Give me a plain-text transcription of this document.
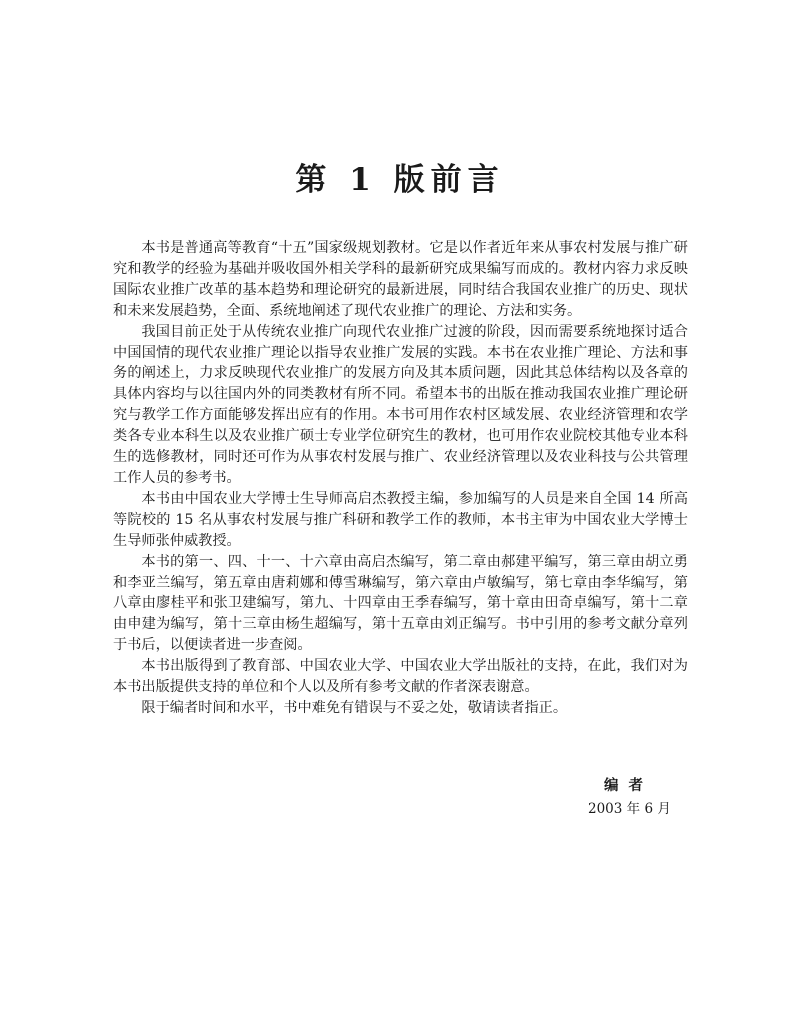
第 1 版前言

本书是普通高等教育“十五”国家级规划教材。它是以作者近年来从事农村发展与推广研究和教学的经验为基础并吸收国外相关学科的最新研究成果编写而成的。教材内容力求反映国际农业推广改革的基本趋势和理论研究的最新进展，同时结合我国农业推广的历史、现状和未来发展趋势，全面、系统地阐述了现代农业推广的理论、方法和实务。

我国目前正处于从传统农业推广向现代农业推广过渡的阶段，因而需要系统地探讨适合中国国情的现代农业推广理论以指导农业推广发展的实践。本书在农业推广理论、方法和事务的阐述上，力求反映现代农业推广的发展方向及其本质问题，因此其总体结构以及各章的具体内容均与以往国内外的同类教材有所不同。希望本书的出版在推动我国农业推广理论研究与教学工作方面能够发挥出应有的作用。本书可用作农村区域发展、农业经济管理和农学类各专业本科生以及农业推广硕士专业学位研究生的教材，也可用作农业院校其他专业本科生的选修教材，同时还可作为从事农村发展与推广、农业经济管理以及农业科技与公共管理工作人员的参考书。

本书由中国农业大学博士生导师高启杰教授主编，参加编写的人员是来自全国 14 所高等院校的 15 名从事农村发展与推广科研和教学工作的教师，本书主审为中国农业大学博士生导师张仲威教授。

本书的第一、四、十一、十六章由高启杰编写，第二章由郝建平编写，第三章由胡立勇和李亚兰编写，第五章由唐莉娜和傅雪琳编写，第六章由卢敏编写，第七章由李华编写，第八章由廖桂平和张卫建编写，第九、十四章由王季春编写，第十章由田奇卓编写，第十二章由申建为编写，第十三章由杨生超编写，第十五章由刘正编写。书中引用的参考文献分章列于书后，以便读者进一步查阅。

本书出版得到了教育部、中国农业大学、中国农业大学出版社的支持，在此，我们对为本书出版提供支持的单位和个人以及所有参考文献的作者深表谢意。

限于编者时间和水平，书中难免有错误与不妥之处，敬请读者指正。

编者
2003 年 6 月
